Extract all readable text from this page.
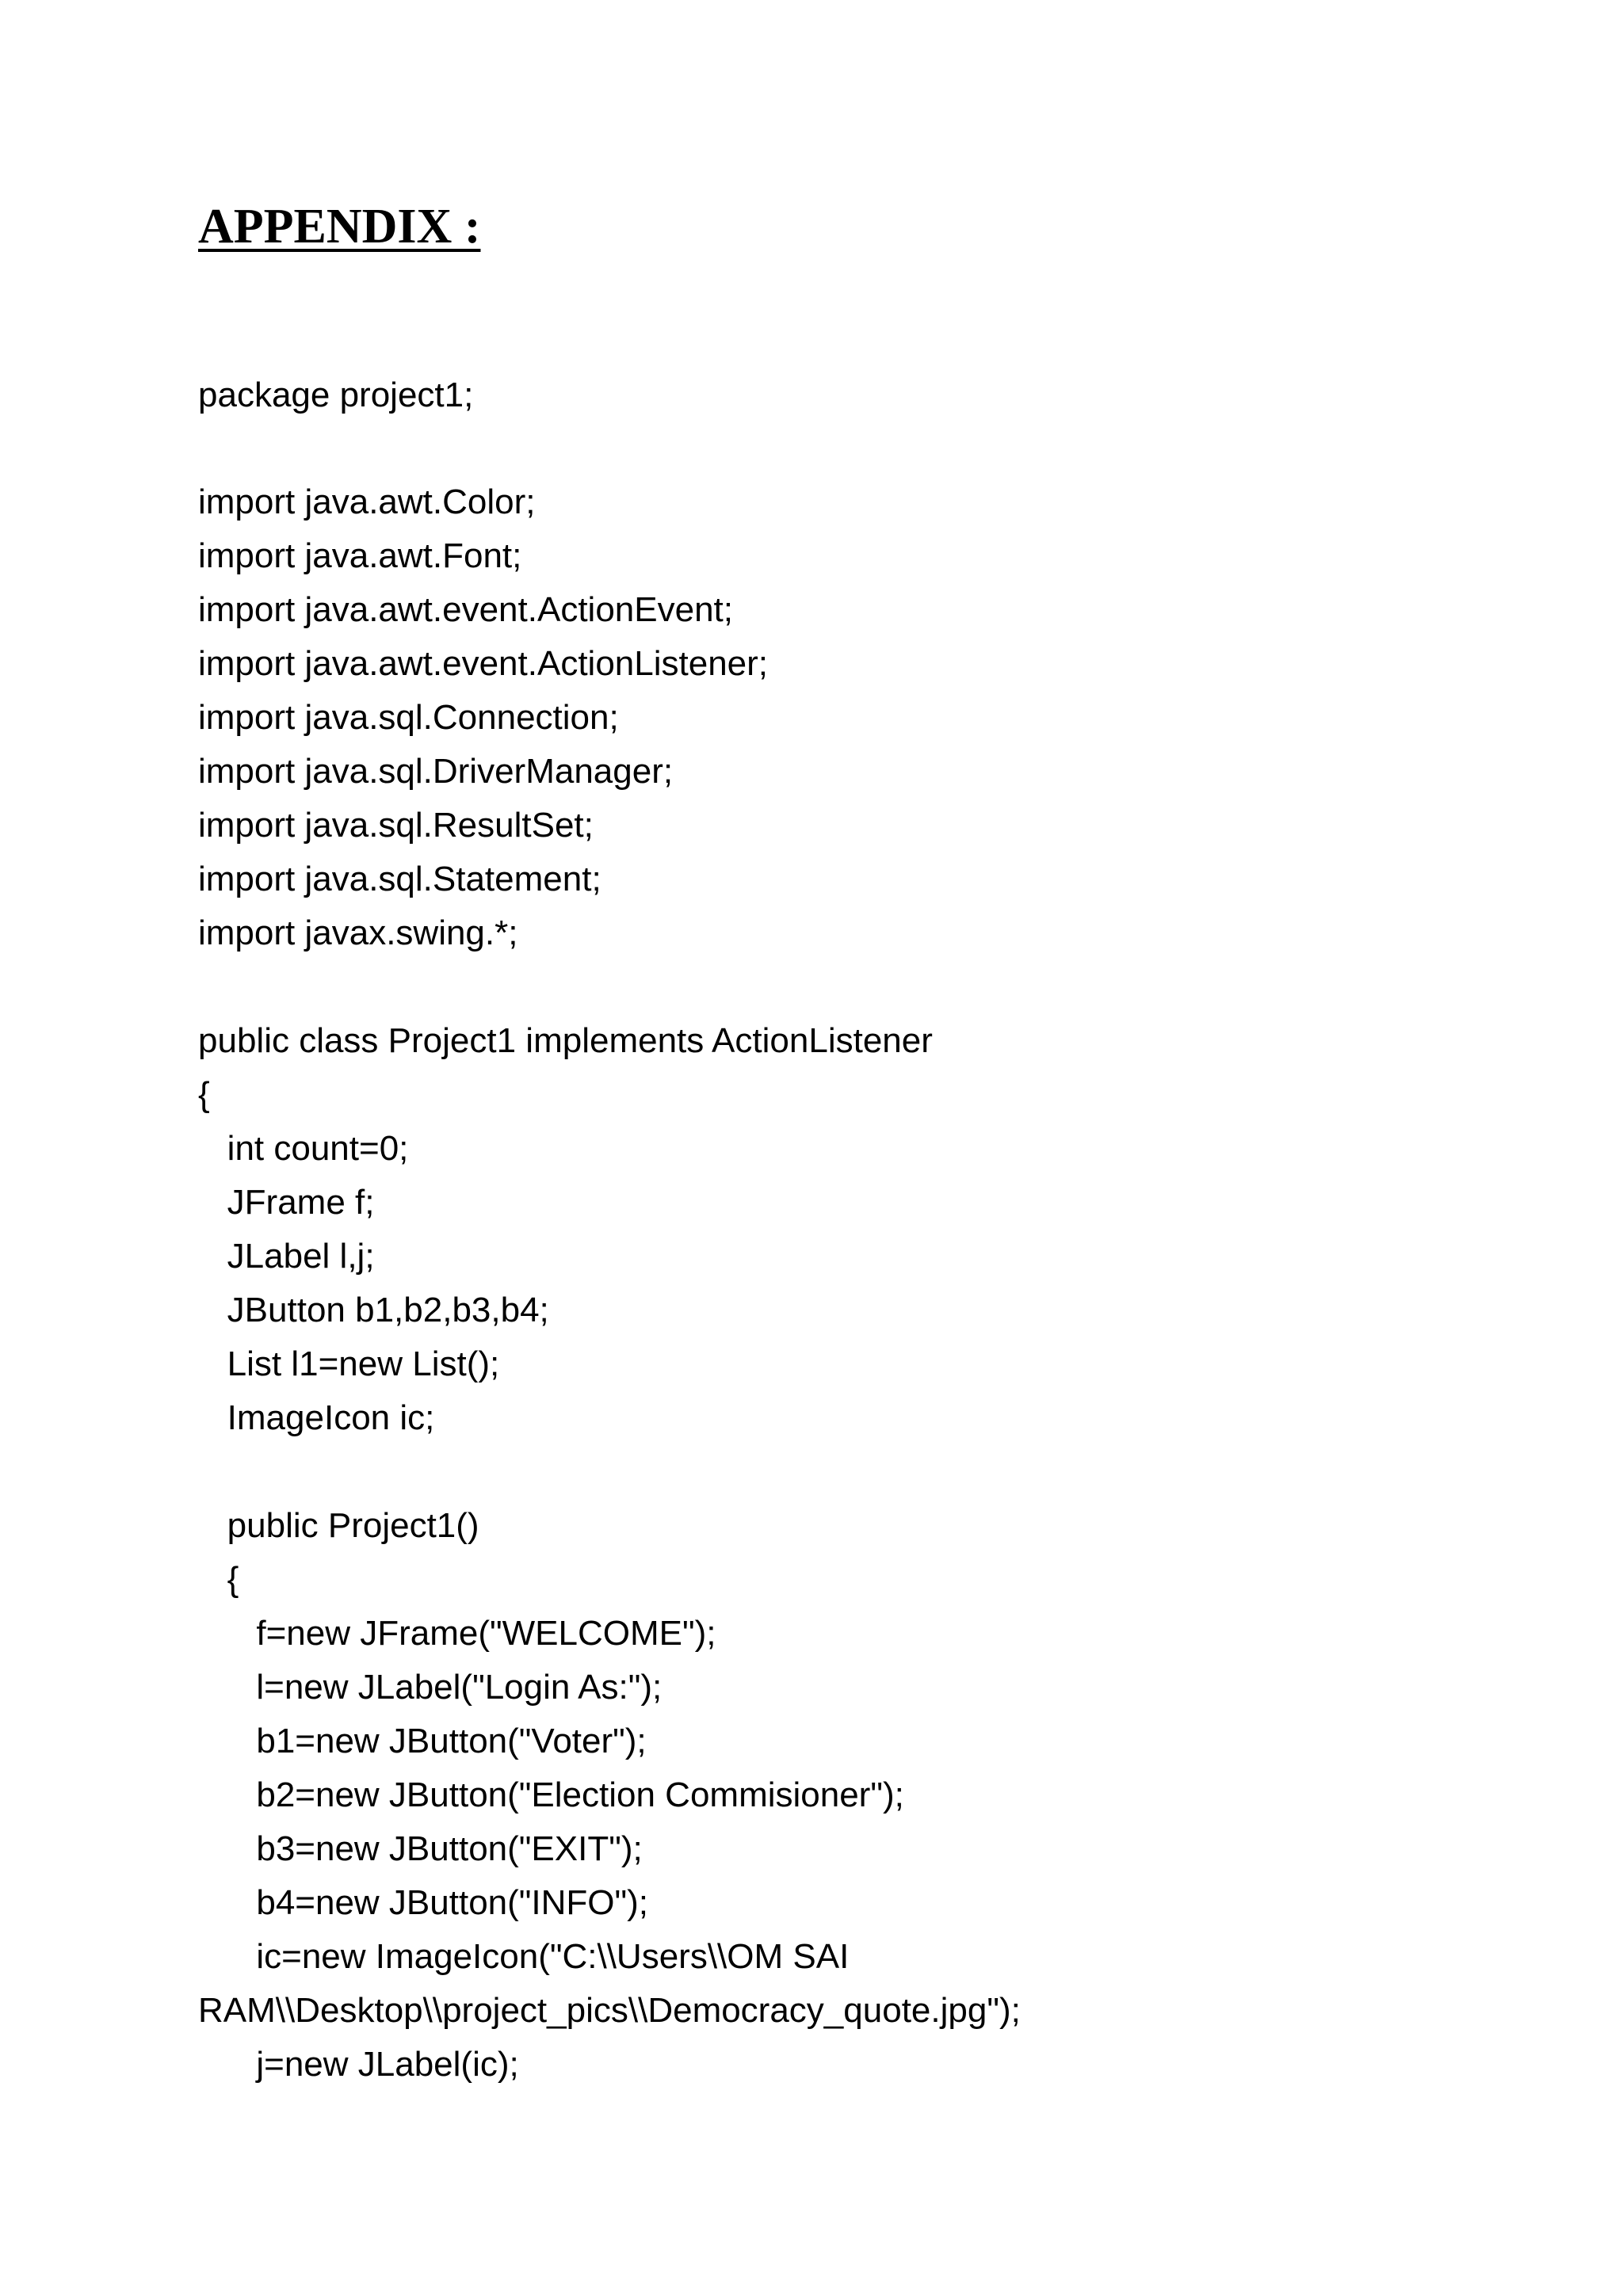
APPENDIX :

package project1;

import java.awt.Color;

import java.awt.Font;

import java.awt.event.ActionEvent;

import java.awt.event.ActionListener;

import java.sql.Connection;

import java.sql.DriverManager;

import java.sql.ResultSet;

import java.sql.Statement;

import javax.swing.*;

public class Project1 implements ActionListener

{

int count=0;

JFrame f;

JLabel l,j;

JButton b1,b2,b3,b4;

List l1=new List();

ImageIcon ic;

public Project1()

{

f=new JFrame("WELCOME");

l=new JLabel("Login As:");

b1=new JButton("Voter");

b2=new JButton("Election Commisioner");

b3=new JButton("EXIT");

b4=new JButton("INFO");

ic=new ImageIcon("C:\\Users\\OM SAI

RAM\\Desktop\\project_pics\\Democracy_quote.jpg");

j=new JLabel(ic);
